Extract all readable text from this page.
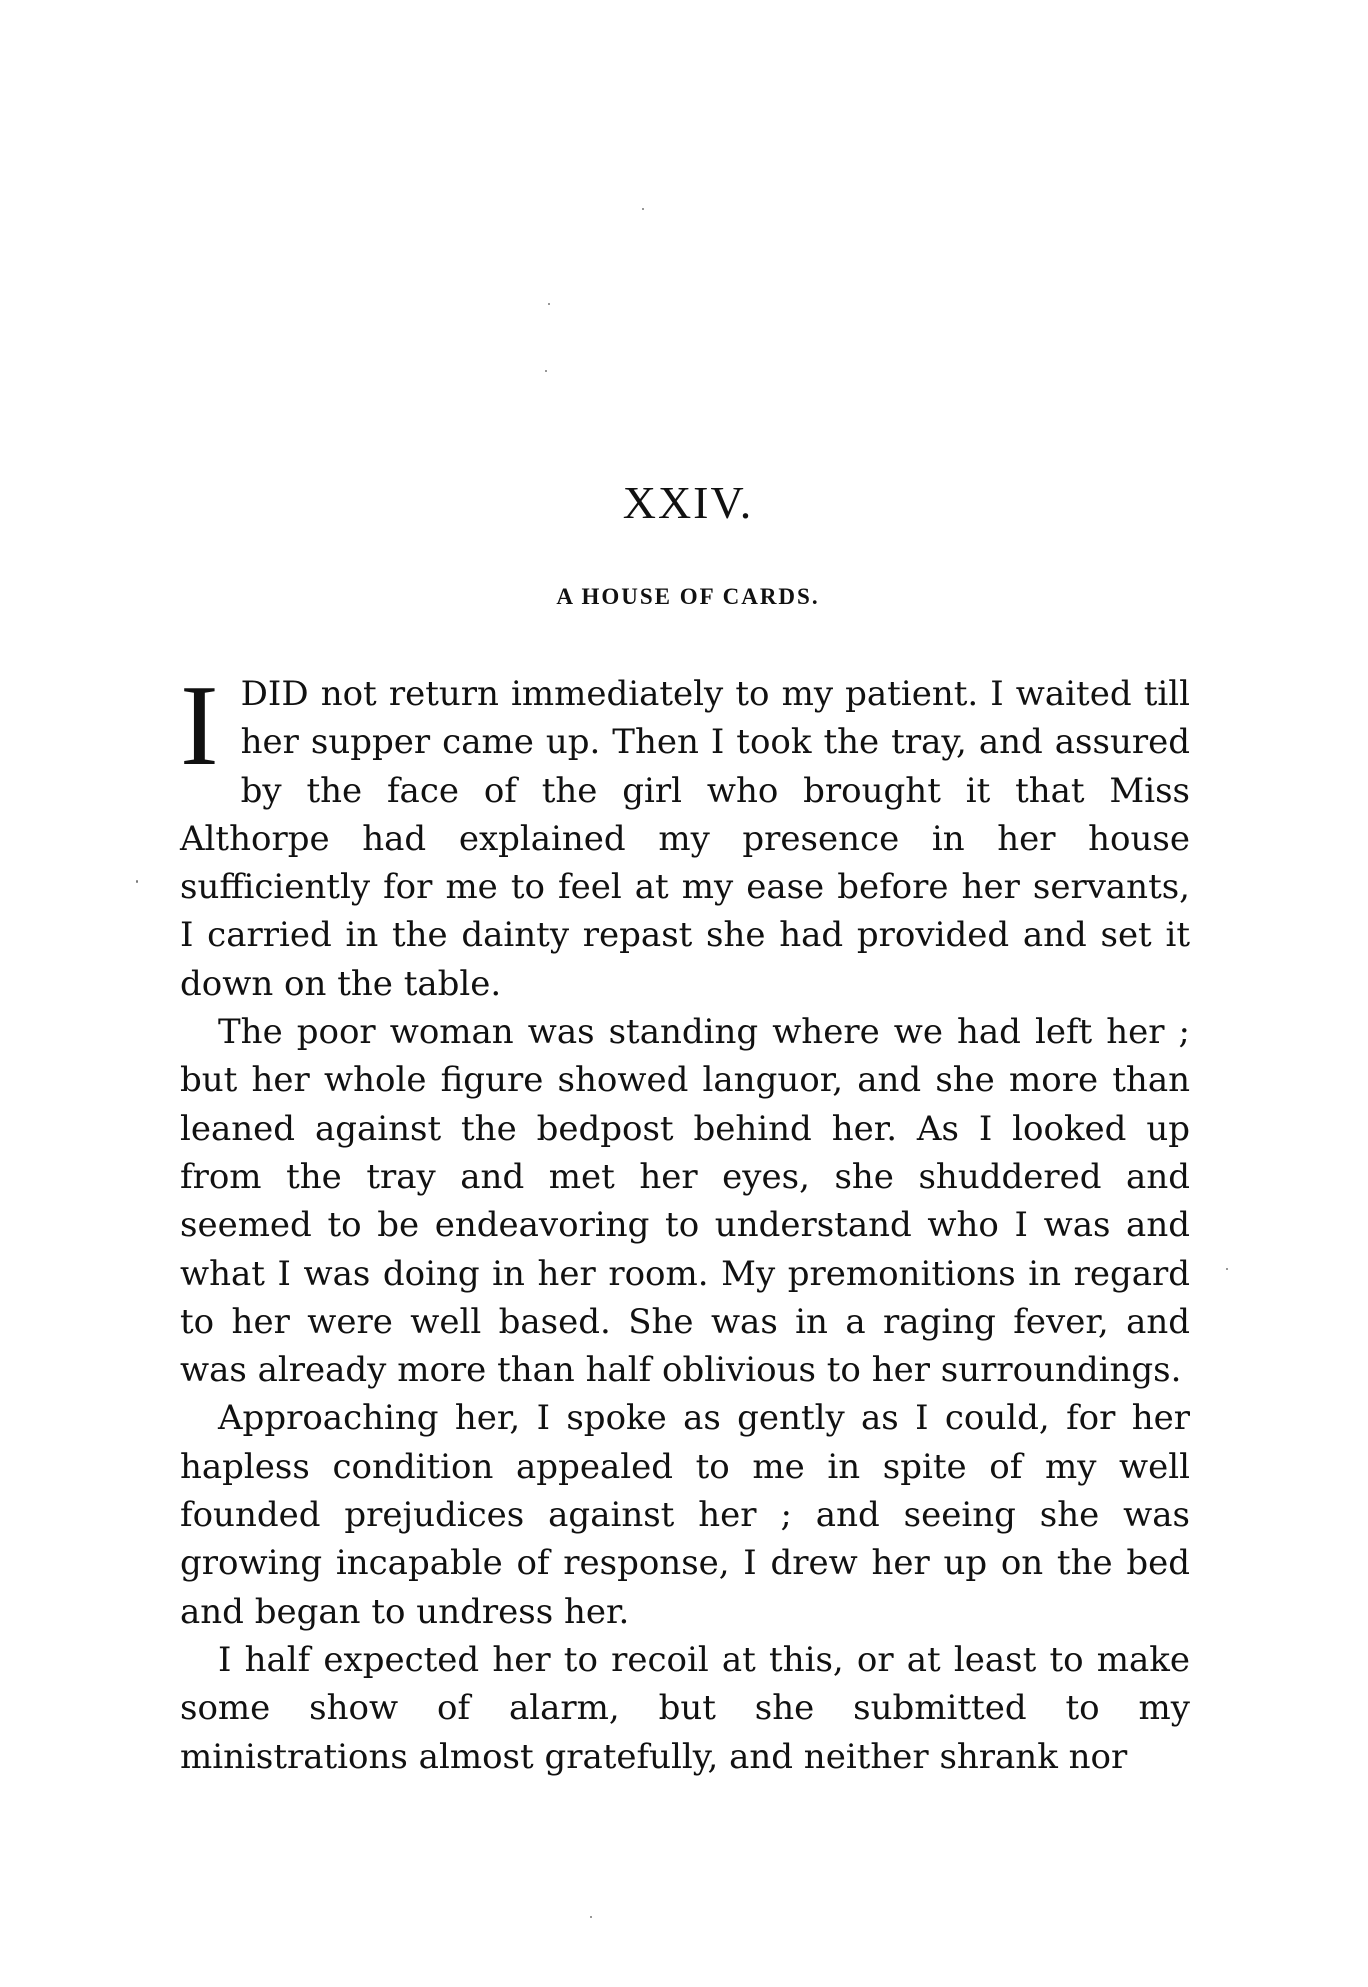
XXIV.
A HOUSE OF CARDS.

I DID not return immediately to my patient. I waited till her supper came up. Then I took the tray, and assured by the face of the girl who brought it that Miss Althorpe had explained my presence in her house sufficiently for me to feel at my ease before her servants, I carried in the dainty repast she had provided and set it down on the table.

The poor woman was standing where we had left her ; but her whole figure showed languor, and she more than leaned against the bedpost behind her. As I looked up from the tray and met her eyes, she shuddered and seemed to be endeavoring to understand who I was and what I was doing in her room. My premonitions in regard to her were well based. She was in a raging fever, and was already more than half oblivious to her surroundings.

Approaching her, I spoke as gently as I could, for her hapless condition appealed to me in spite of my well founded prejudices against her ; and seeing she was growing incapable of response, I drew her up on the bed and began to undress her.

I half expected her to recoil at this, or at least to make some show of alarm, but she submitted to my ministrations almost gratefully, and neither shrank nor
